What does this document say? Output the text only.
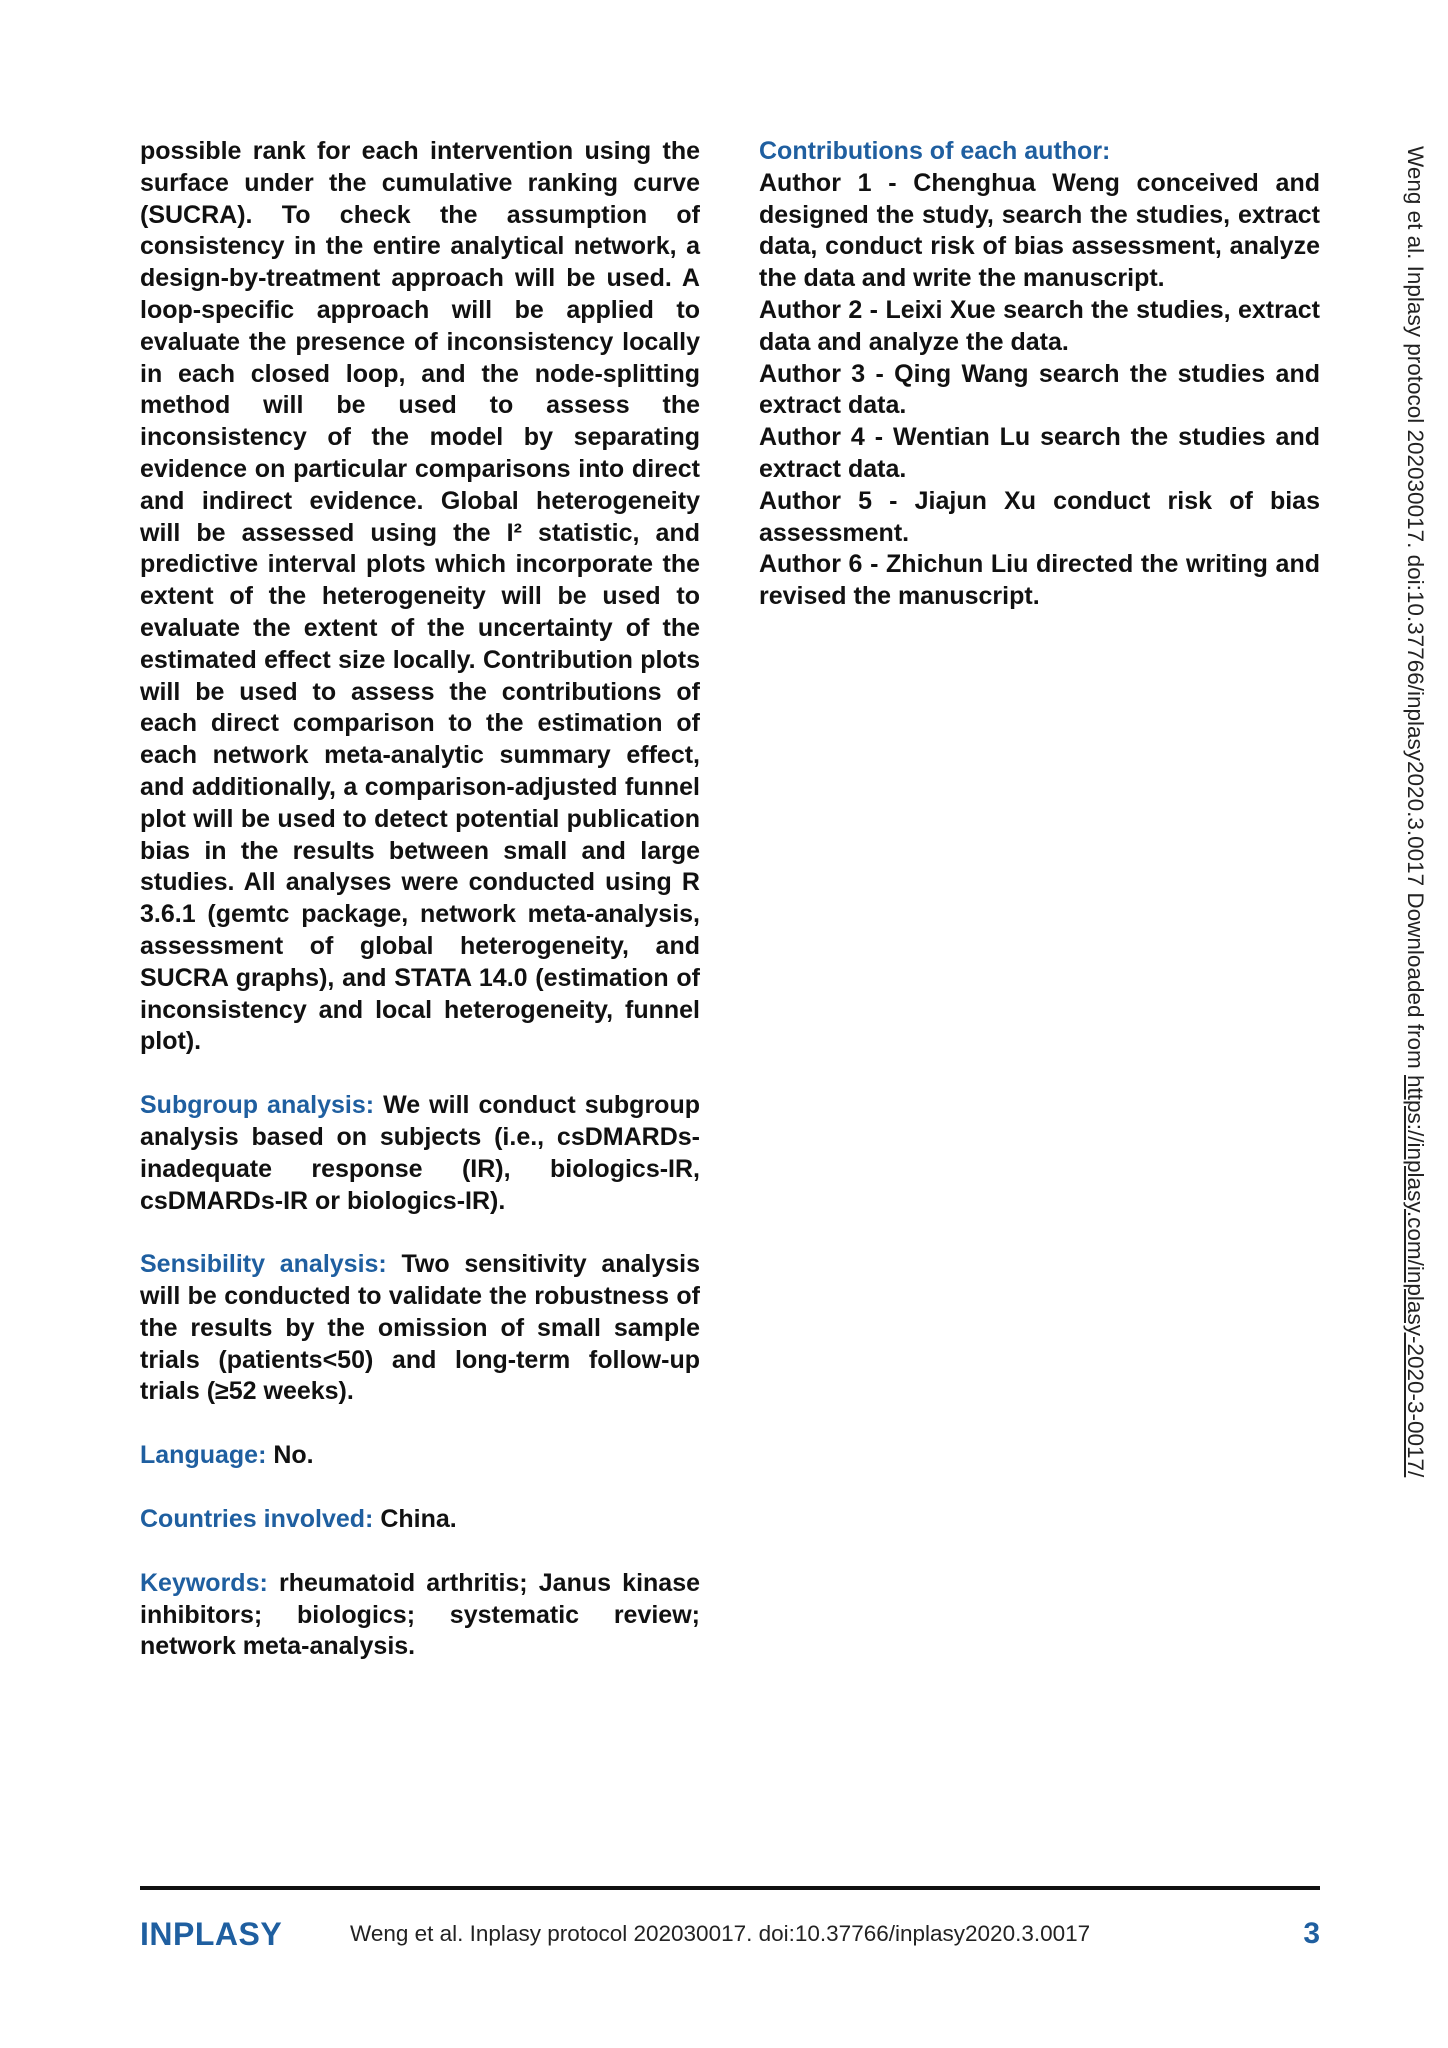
possible rank for each intervention using the surface under the cumulative ranking curve (SUCRA). To check the assumption of consistency in the entire analytical network, a design-by-treatment approach will be used. A loop-specific approach will be applied to evaluate the presence of inconsistency locally in each closed loop, and the node-splitting method will be used to assess the inconsistency of the model by separating evidence on particular comparisons into direct and indirect evidence. Global heterogeneity will be assessed using the I² statistic, and predictive interval plots which incorporate the extent of the heterogeneity will be used to evaluate the extent of the uncertainty of the estimated effect size locally. Contribution plots will be used to assess the contributions of each direct comparison to the estimation of each network meta-analytic summary effect, and additionally, a comparison-adjusted funnel plot will be used to detect potential publication bias in the results between small and large studies. All analyses were conducted using R 3.6.1 (gemtc package, network meta-analysis, assessment of global heterogeneity, and SUCRA graphs), and STATA 14.0 (estimation of inconsistency and local heterogeneity, funnel plot).

Subgroup analysis: We will conduct subgroup analysis based on subjects (i.e., csDMARDs-inadequate response (IR), biologics-IR, csDMARDs-IR or biologics-IR).

Sensibility analysis: Two sensitivity analysis will be conducted to validate the robustness of the results by the omission of small sample trials (patients<50) and long-term follow-up trials (≥52 weeks).

Language: No.

Countries involved: China.

Keywords: rheumatoid arthritis; Janus kinase inhibitors; biologics; systematic review; network meta-analysis.

Contributions of each author:

Author 1 - Chenghua Weng conceived and designed the study, search the studies, extract data, conduct risk of bias assessment, analyze the data and write the manuscript.

Author 2 - Leixi Xue search the studies, extract data and analyze the data.

Author 3 - Qing Wang search the studies and extract data.

Author 4 - Wentian Lu search the studies and extract data.

Author 5 - Jiajun Xu conduct risk of bias assessment.

Author 6 - Zhichun Liu directed the writing and revised the manuscript.	Weng et al. Inplasy protocol 202030017. doi:10.37766/inplasy2020.3.0017 Downloaded from https://inplasy.com/inplasy-2020-3-0017/
INPLASY	Weng et al. Inplasy protocol 202030017. doi:10.37766/inplasy2020.3.0017	3
